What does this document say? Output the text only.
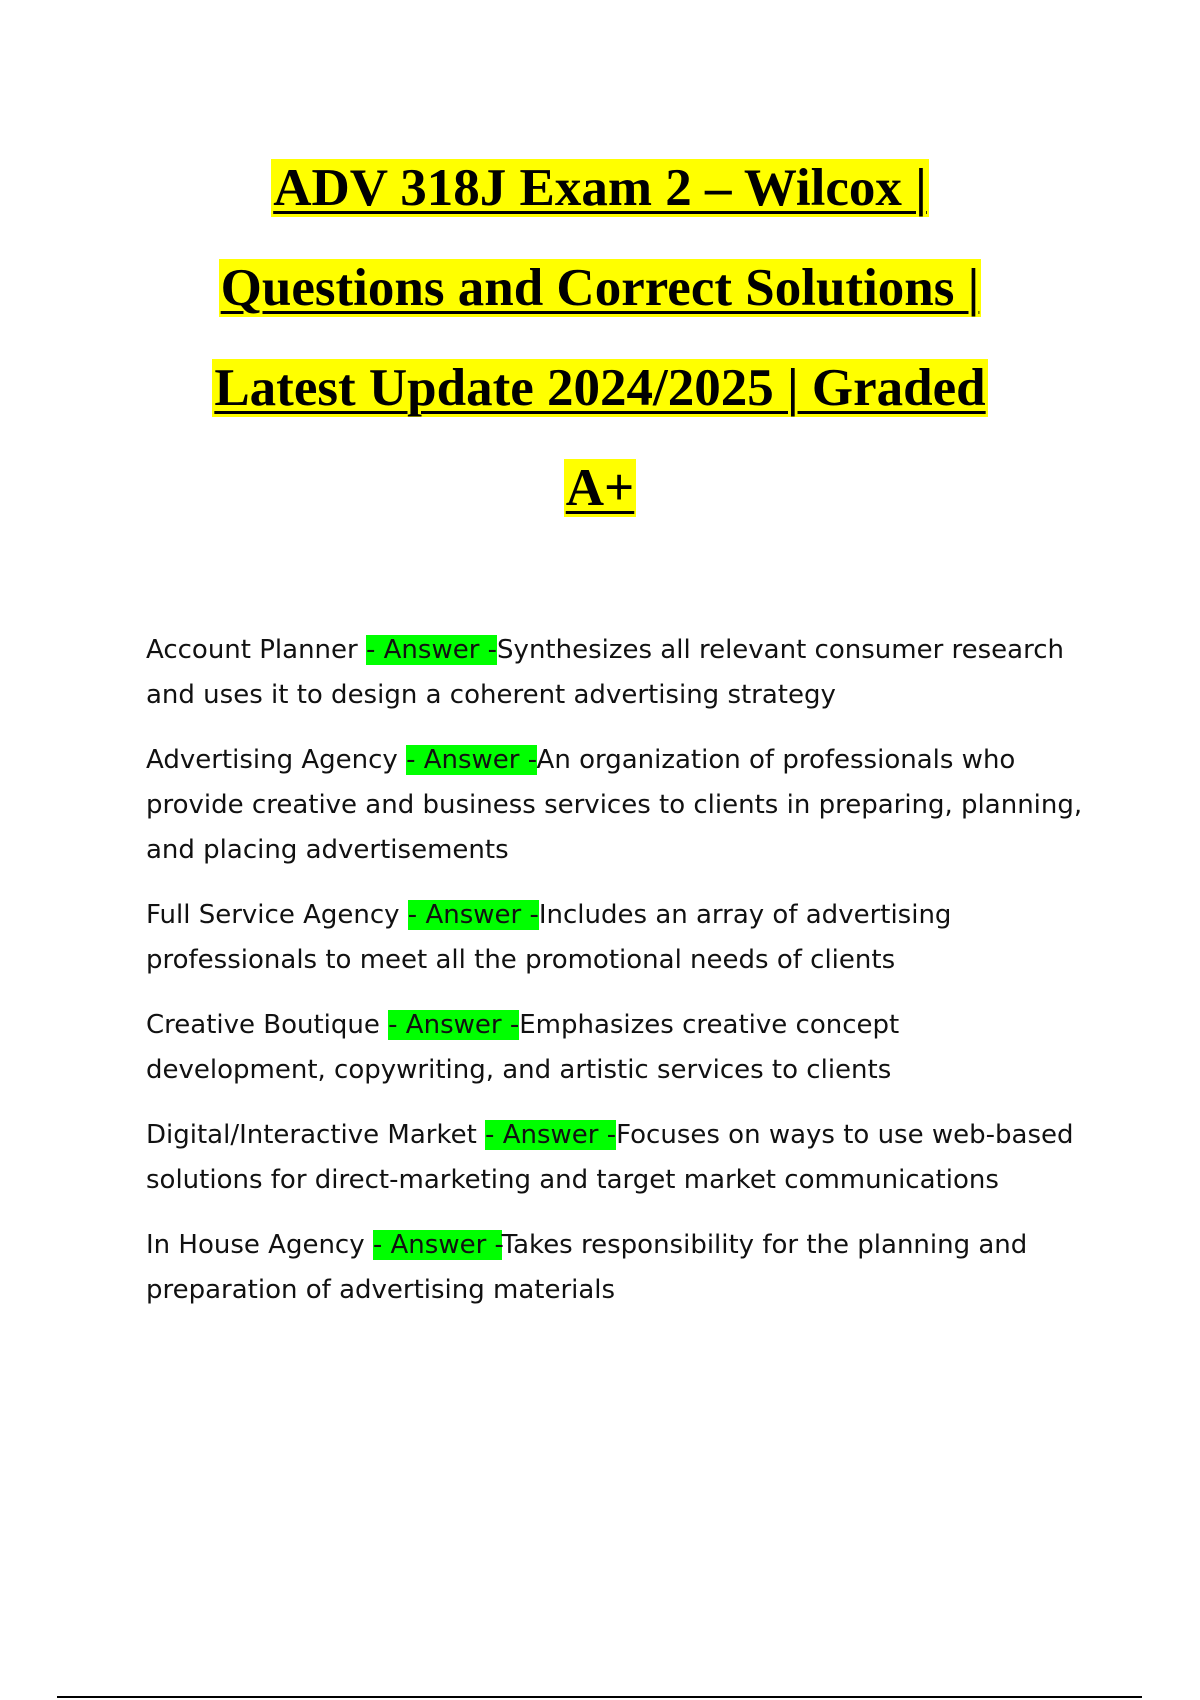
ADV 318J Exam 2 – Wilcox |
Questions and Correct Solutions |
Latest Update 2024/2025 | Graded
A+

Account Planner - Answer -Synthesizes all relevant consumer research and uses it to design a coherent advertising strategy

Advertising Agency - Answer -An organization of professionals who provide creative and business services to clients in preparing, planning, and placing advertisements

Full Service Agency - Answer -Includes an array of advertising professionals to meet all the promotional needs of clients

Creative Boutique - Answer -Emphasizes creative concept development, copywriting, and artistic services to clients

Digital/Interactive Market - Answer -Focuses on ways to use web-based solutions for direct-marketing and target market communications

In House Agency - Answer -Takes responsibility for the planning and preparation of advertising materials
